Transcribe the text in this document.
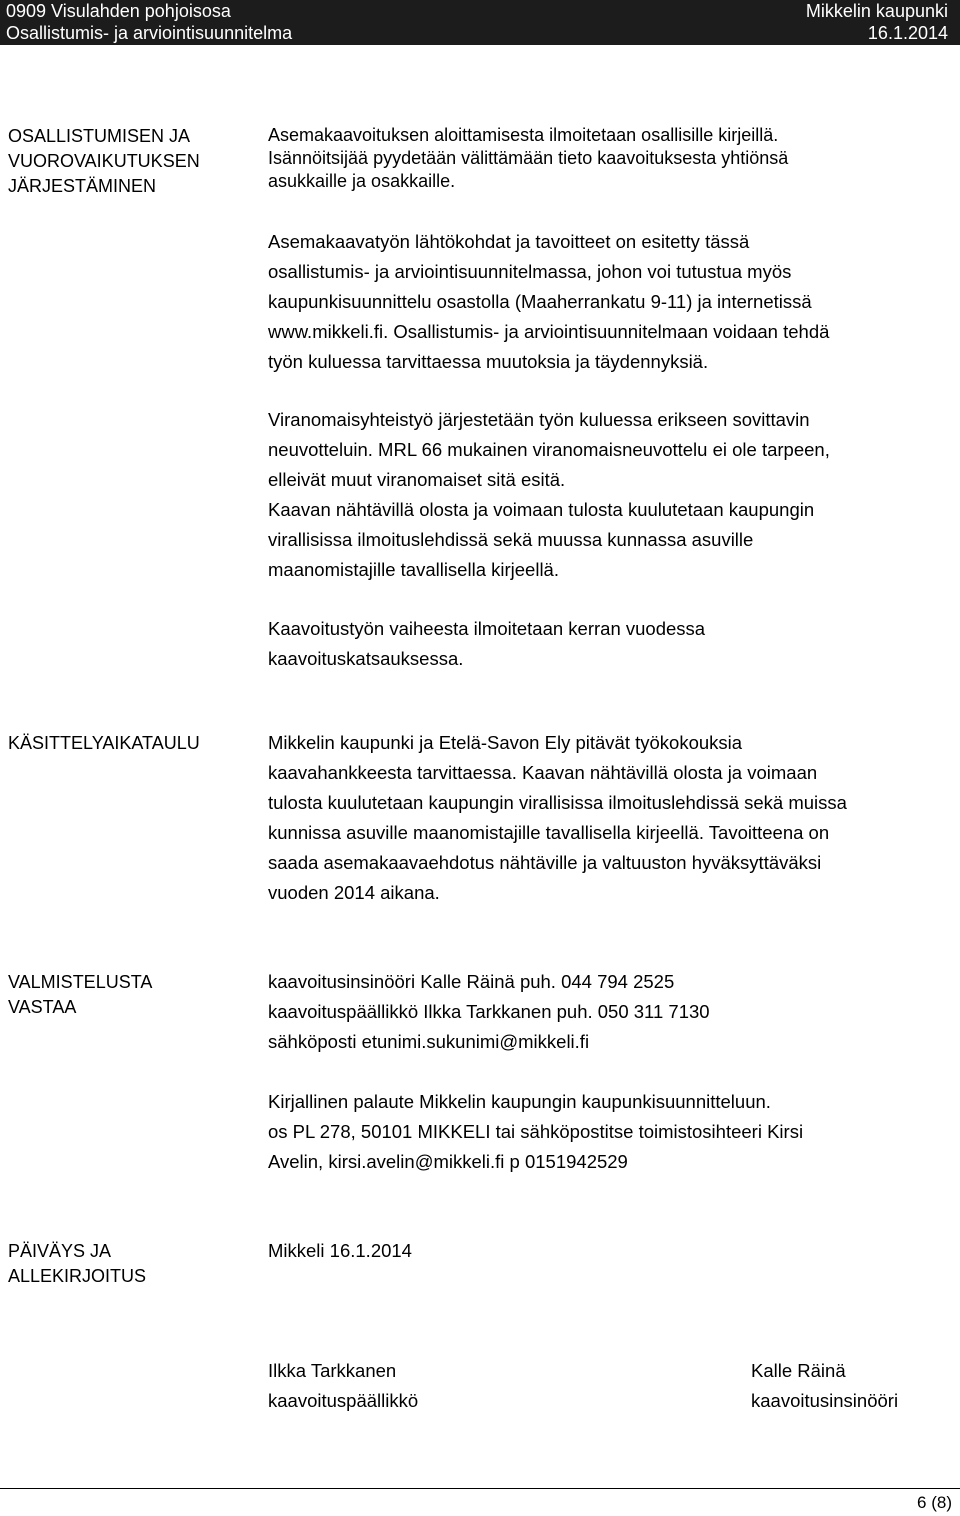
0909 Visulahden pohjoisosa
Osallistumis- ja arviointisuunnitelma
Mikkelin kaupunki
16.1.2014
OSALLISTUMISEN JA
VUOROVAIKUTUKSEN
JÄRJESTÄMINEN
Asemakaavoituksen aloittamisesta ilmoitetaan osallisille kirjeillä.
Isännöitsijää pyydetään välittämään tieto kaavoituksesta yhtiönsä
asukkaille ja osakkaille.
Asemakaavatyön lähtökohdat ja tavoitteet on esitetty tässä
osallistumis- ja arviointisuunnitelmassa, johon voi tutustua myös
kaupunkisuunnittelu osastolla (Maaherrankatu 9-11) ja internetissä
www.mikkeli.fi. Osallistumis- ja arviointisuunnitelmaan voidaan tehdä
työn kuluessa tarvittaessa muutoksia ja täydennyksiä.
Viranomaisyhteistyö järjestetään työn kuluessa erikseen sovittavin
neuvotteluin. MRL 66 mukainen viranomaisneuvottelu ei ole tarpeen,
elleivät muut viranomaiset sitä esitä.
Kaavan nähtävillä olosta ja voimaan tulosta kuulutetaan kaupungin
virallisissa ilmoituslehdissä sekä muussa kunnassa asuville
maanomistajille tavallisella kirjeellä.
Kaavoitustyön vaiheesta ilmoitetaan kerran vuodessa
kaavoituskatsauksessa.
KÄSITTELYAIKATAULU	Mikkelin kaupunki ja Etelä-Savon Ely pitävät työkokouksia
kaavahankkeesta tarvittaessa. Kaavan nähtävillä olosta ja voimaan
tulosta kuulutetaan kaupungin virallisissa ilmoituslehdissä sekä muissa
kunnissa asuville maanomistajille tavallisella kirjeellä. Tavoitteena on
saada asemakaavaehdotus nähtäville ja valtuuston hyväksyttäväksi
vuoden 2014 aikana.
VALMISTELUSTA
VASTAA
kaavoitusinsinööri Kalle Räinä puh. 044 794 2525
kaavoituspäällikkö Ilkka Tarkkanen puh. 050 311 7130
sähköposti etunimi.sukunimi@mikkeli.fi
Kirjallinen palaute Mikkelin kaupungin kaupunkisuunnitteluun.
os PL 278, 50101 MIKKELI tai sähköpostitse toimistosihteeri Kirsi
Avelin, kirsi.avelin@mikkeli.fi p 0151942529
PÄIVÄYS JA
ALLEKIRJOITUS
Mikkeli 16.1.2014
Ilkka Tarkkanen
kaavoituspäällikkö
Kalle Räinä
kaavoitusinsinööri
6 (8)
